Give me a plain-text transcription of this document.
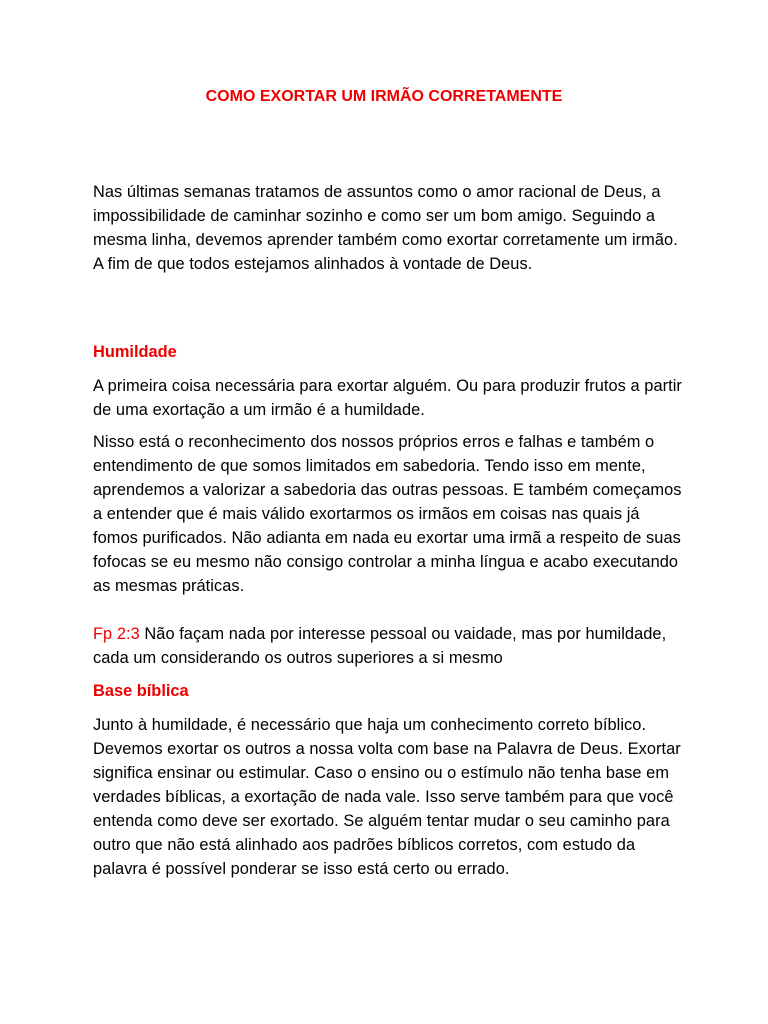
COMO EXORTAR UM IRMÃO CORRETAMENTE

Nas últimas semanas tratamos de assuntos como o amor racional de Deus, a impossibilidade de caminhar sozinho e como ser um bom amigo. Seguindo a mesma linha, devemos aprender também como exortar corretamente um irmão. A fim de que todos estejamos alinhados à vontade de Deus.

Humildade

A primeira coisa necessária para exortar alguém. Ou para produzir frutos a partir de uma exortação a um irmão é a humildade.

Nisso está o reconhecimento dos nossos próprios erros e falhas e também o entendimento de que somos limitados em sabedoria. Tendo isso em mente, aprendemos a valorizar a sabedoria das outras pessoas. E também começamos a entender que é mais válido exortarmos os irmãos em coisas nas quais já fomos purificados. Não adianta em nada eu exortar uma irmã a respeito de suas fofocas se eu mesmo não consigo controlar a minha língua e acabo executando as mesmas práticas.

Fp 2:3 Não façam nada por interesse pessoal ou vaidade, mas por humildade, cada um considerando os outros superiores a si mesmo

Base bíblica

Junto à humildade, é necessário que haja um conhecimento correto bíblico. Devemos exortar os outros a nossa volta com base na Palavra de Deus. Exortar significa ensinar ou estimular. Caso o ensino ou o estímulo não tenha base em verdades bíblicas, a exortação de nada vale. Isso serve também para que você entenda como deve ser exortado. Se alguém tentar mudar o seu caminho para outro que não está alinhado aos padrões bíblicos corretos, com estudo da palavra é possível ponderar se isso está certo ou errado.
